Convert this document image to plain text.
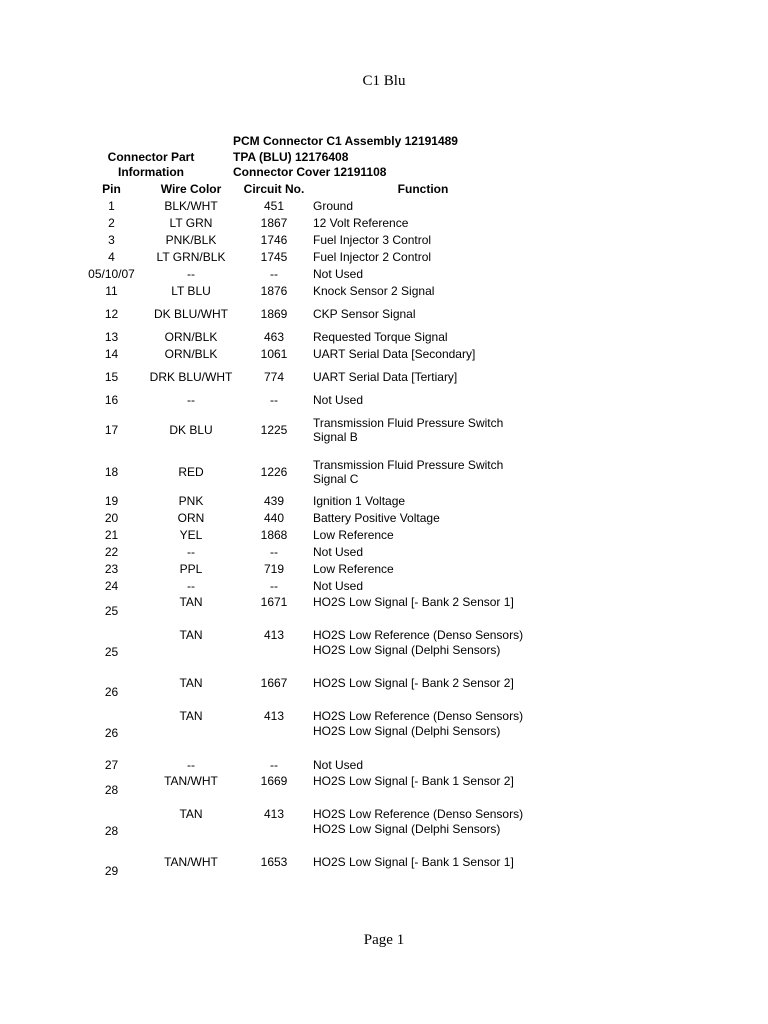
C1 Blu
Connector Part
Information
PCM Connector C1 Assembly 12191489
TPA (BLU) 12176408
Connector Cover 12191108
Pin	Wire Color	Circuit No.	Function
1	BLK/WHT	451	Ground
2	LT GRN	1867	12 Volt Reference
3	PNK/BLK	1746	Fuel Injector 3 Control
4	LT GRN/BLK	1745	Fuel Injector 2 Control
05/10/07	--	--	Not Used
11	LT BLU	1876	Knock Sensor 2 Signal
12	DK BLU/WHT	1869	CKP Sensor Signal
13	ORN/BLK	463	Requested Torque Signal
14	ORN/BLK	1061	UART Serial Data [Secondary]
15	DRK BLU/WHT	774	UART Serial Data [Tertiary]
16	--	--	Not Used
17	DK BLU	1225	Transmission Fluid Pressure Switch Signal B
18	RED	1226	Transmission Fluid Pressure Switch Signal C
19	PNK	439	Ignition 1 Voltage
20	ORN	440	Battery Positive Voltage
21	YEL	1868	Low Reference
22	--	--	Not Used
23	PPL	719	Low Reference
24	--	--	Not Used
25	TAN	1671	HO2S Low Signal [- Bank 2 Sensor 1]
25	TAN	413	HO2S Low Reference (Denso Sensors) HO2S Low Signal (Delphi Sensors)
26	TAN	1667	HO2S Low Signal [- Bank 2 Sensor 2]
26	TAN	413	HO2S Low Reference (Denso Sensors) HO2S Low Signal (Delphi Sensors)
27	--	--	Not Used
28	TAN/WHT	1669	HO2S Low Signal [- Bank 1 Sensor 2]
28	TAN	413	HO2S Low Reference (Denso Sensors) HO2S Low Signal (Delphi Sensors)
29	TAN/WHT	1653	HO2S Low Signal [- Bank 1 Sensor 1]
Page 1
